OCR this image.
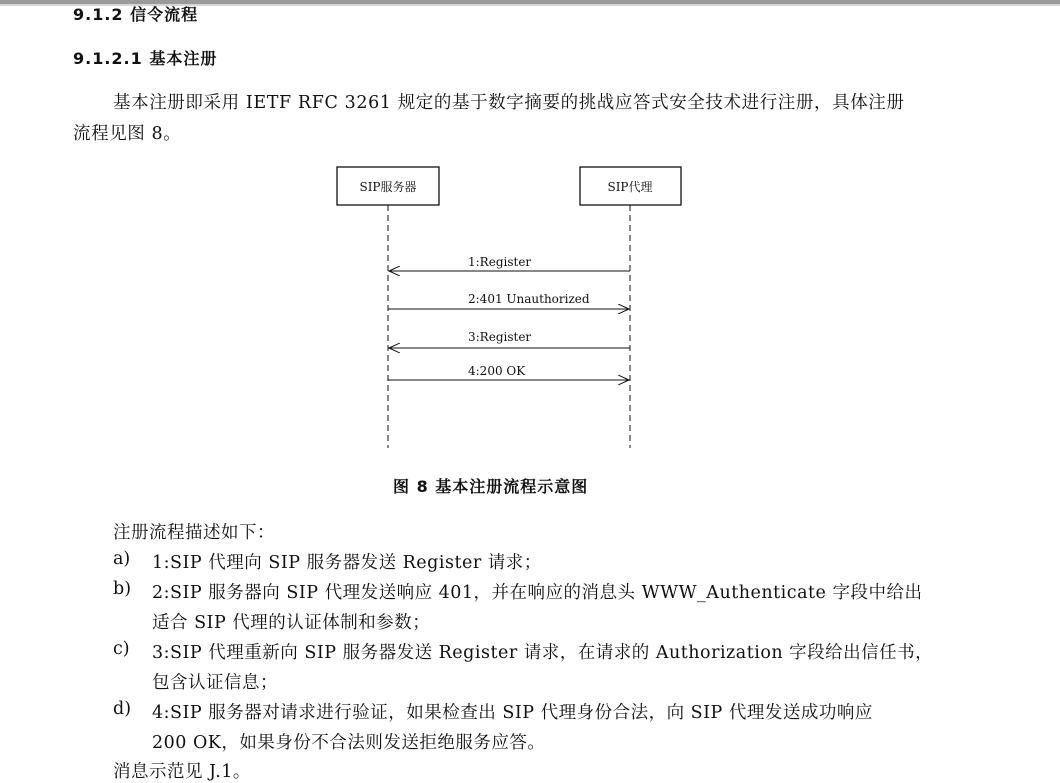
9.1.2 信令流程
9.1.2.1 基本注册
基本注册即采用 IETF RFC 3261 规定的基于数字摘要的挑战应答式安全技术进行注册，具体注册
流程见图 8。
SIP服务器	SIP代理
1:Register
2:401 Unauthorized
3:Register
4:200 OK
图 8 基本注册流程示意图
注册流程描述如下：
a) 1:SIP 代理向 SIP 服务器发送 Register 请求；
b) 2:SIP 服务器向 SIP 代理发送响应 401，并在响应的消息头 WWW_Authenticate 字段中给出
适合 SIP 代理的认证体制和参数；
c) 3:SIP 代理重新向 SIP 服务器发送 Register 请求，在请求的 Authorization 字段给出信任书，
包含认证信息；
d) 4:SIP 服务器对请求进行验证，如果检查出 SIP 代理身份合法，向 SIP 代理发送成功响应
200 OK，如果身份不合法则发送拒绝服务应答。
消息示范见 J.1。
